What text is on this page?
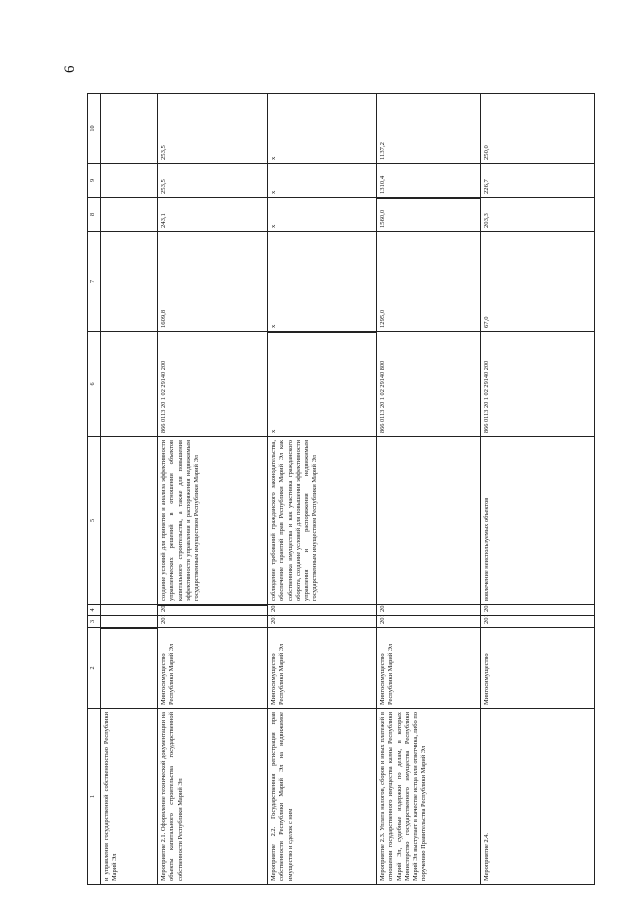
6
1
2
3
4
5
6
7
8
9
10
и управления государственной собственностью Республики Марий Эл	Мероприятие 2.1. Оформление технической документации на объекты капитального строительства государственной собственности Республики Марий Эл
Мингосимущество Республики Марий Эл
2013
2025
создание условий для принятия и анализа эффективности управленческих решений в отношении объектов капитального строительства, а также для повышения эффективности управления и распоряжения недвижимым государственным имуществом Республики Марий Эл
866 0113 20 1 02 29140 200
1609,8
243,1
253,5
253,5
Мероприятие 2.2. Государственная регистрация прав собственности Республики Марий Эл на недвижимое имущество и сделок с ним
Мингосимущество Республики Марий Эл
2013
2025
соблюдение требований гражданского законодательства, обеспечение гарантий прав Республики Марий Эл как собственника имущества и как участника гражданского оборота, создание условий для повышения эффективности управления и распоряжения недвижимым государственным имуществом Республики Марий Эл
x
x
x
x
x
Мероприятие 2.3. Уплата налогов, сборов и иных платежей в отношении государственного имущества казны Республики Марий Эл, судебные издержки по делам, в которых Министерство государственного имущества Республики Марий Эл выступает в качестве истца или ответчика, либо по поручению Правительства Республики Марий Эл
Мингосимущество Республики Марий Эл
2013
2025
866 0113 20 1 02 29140 800
1295,0
1560,0
1310,4
1137,2
Мероприятие 2.4.
Мингосимущество
2013
2025
вовлечение неиспользуемых объектов
866 0113 20 1 02 29140 200
67,0
203,3
226,7
250,0
